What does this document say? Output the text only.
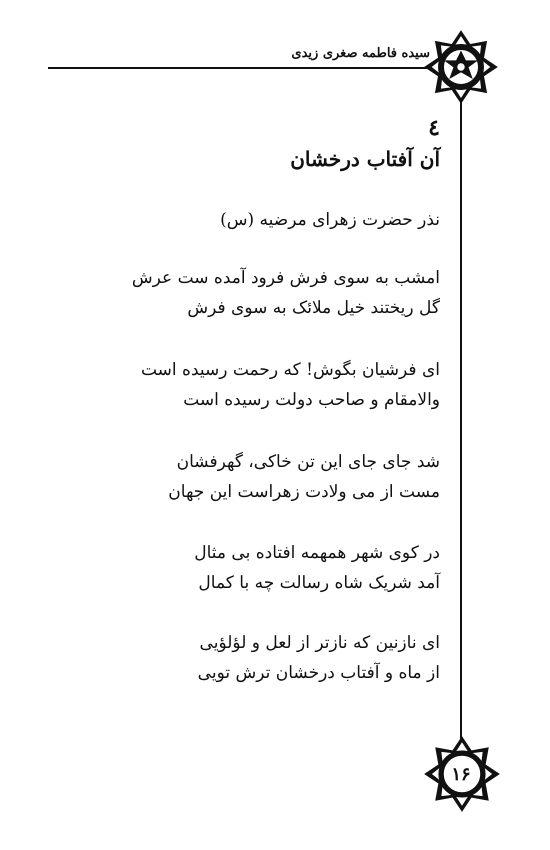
سیده فاطمه صغری زیدی
٤
آن آفتاب درخشان
نذر حضرت زهرای مرضیه (س)
امشب به سوی فرش فرود آمده ست عرش
گل ریختند خیل ملائک به سوی فرش
ای فرشیان بگوش! که رحمت رسیده است
والامقام و صاحب دولت رسیده است
شد جای جای این تن خاکی، گهرفشان
مست از می ولادت زهراست این جهان
در کوی شهر همهمه افتاده بی مثال
آمد شریک شاه رسالت چه با کمال
ای نازنین که نازتر از لعل و لؤلؤیی
از ماه و آفتاب درخشان ترش تویی
١۶
